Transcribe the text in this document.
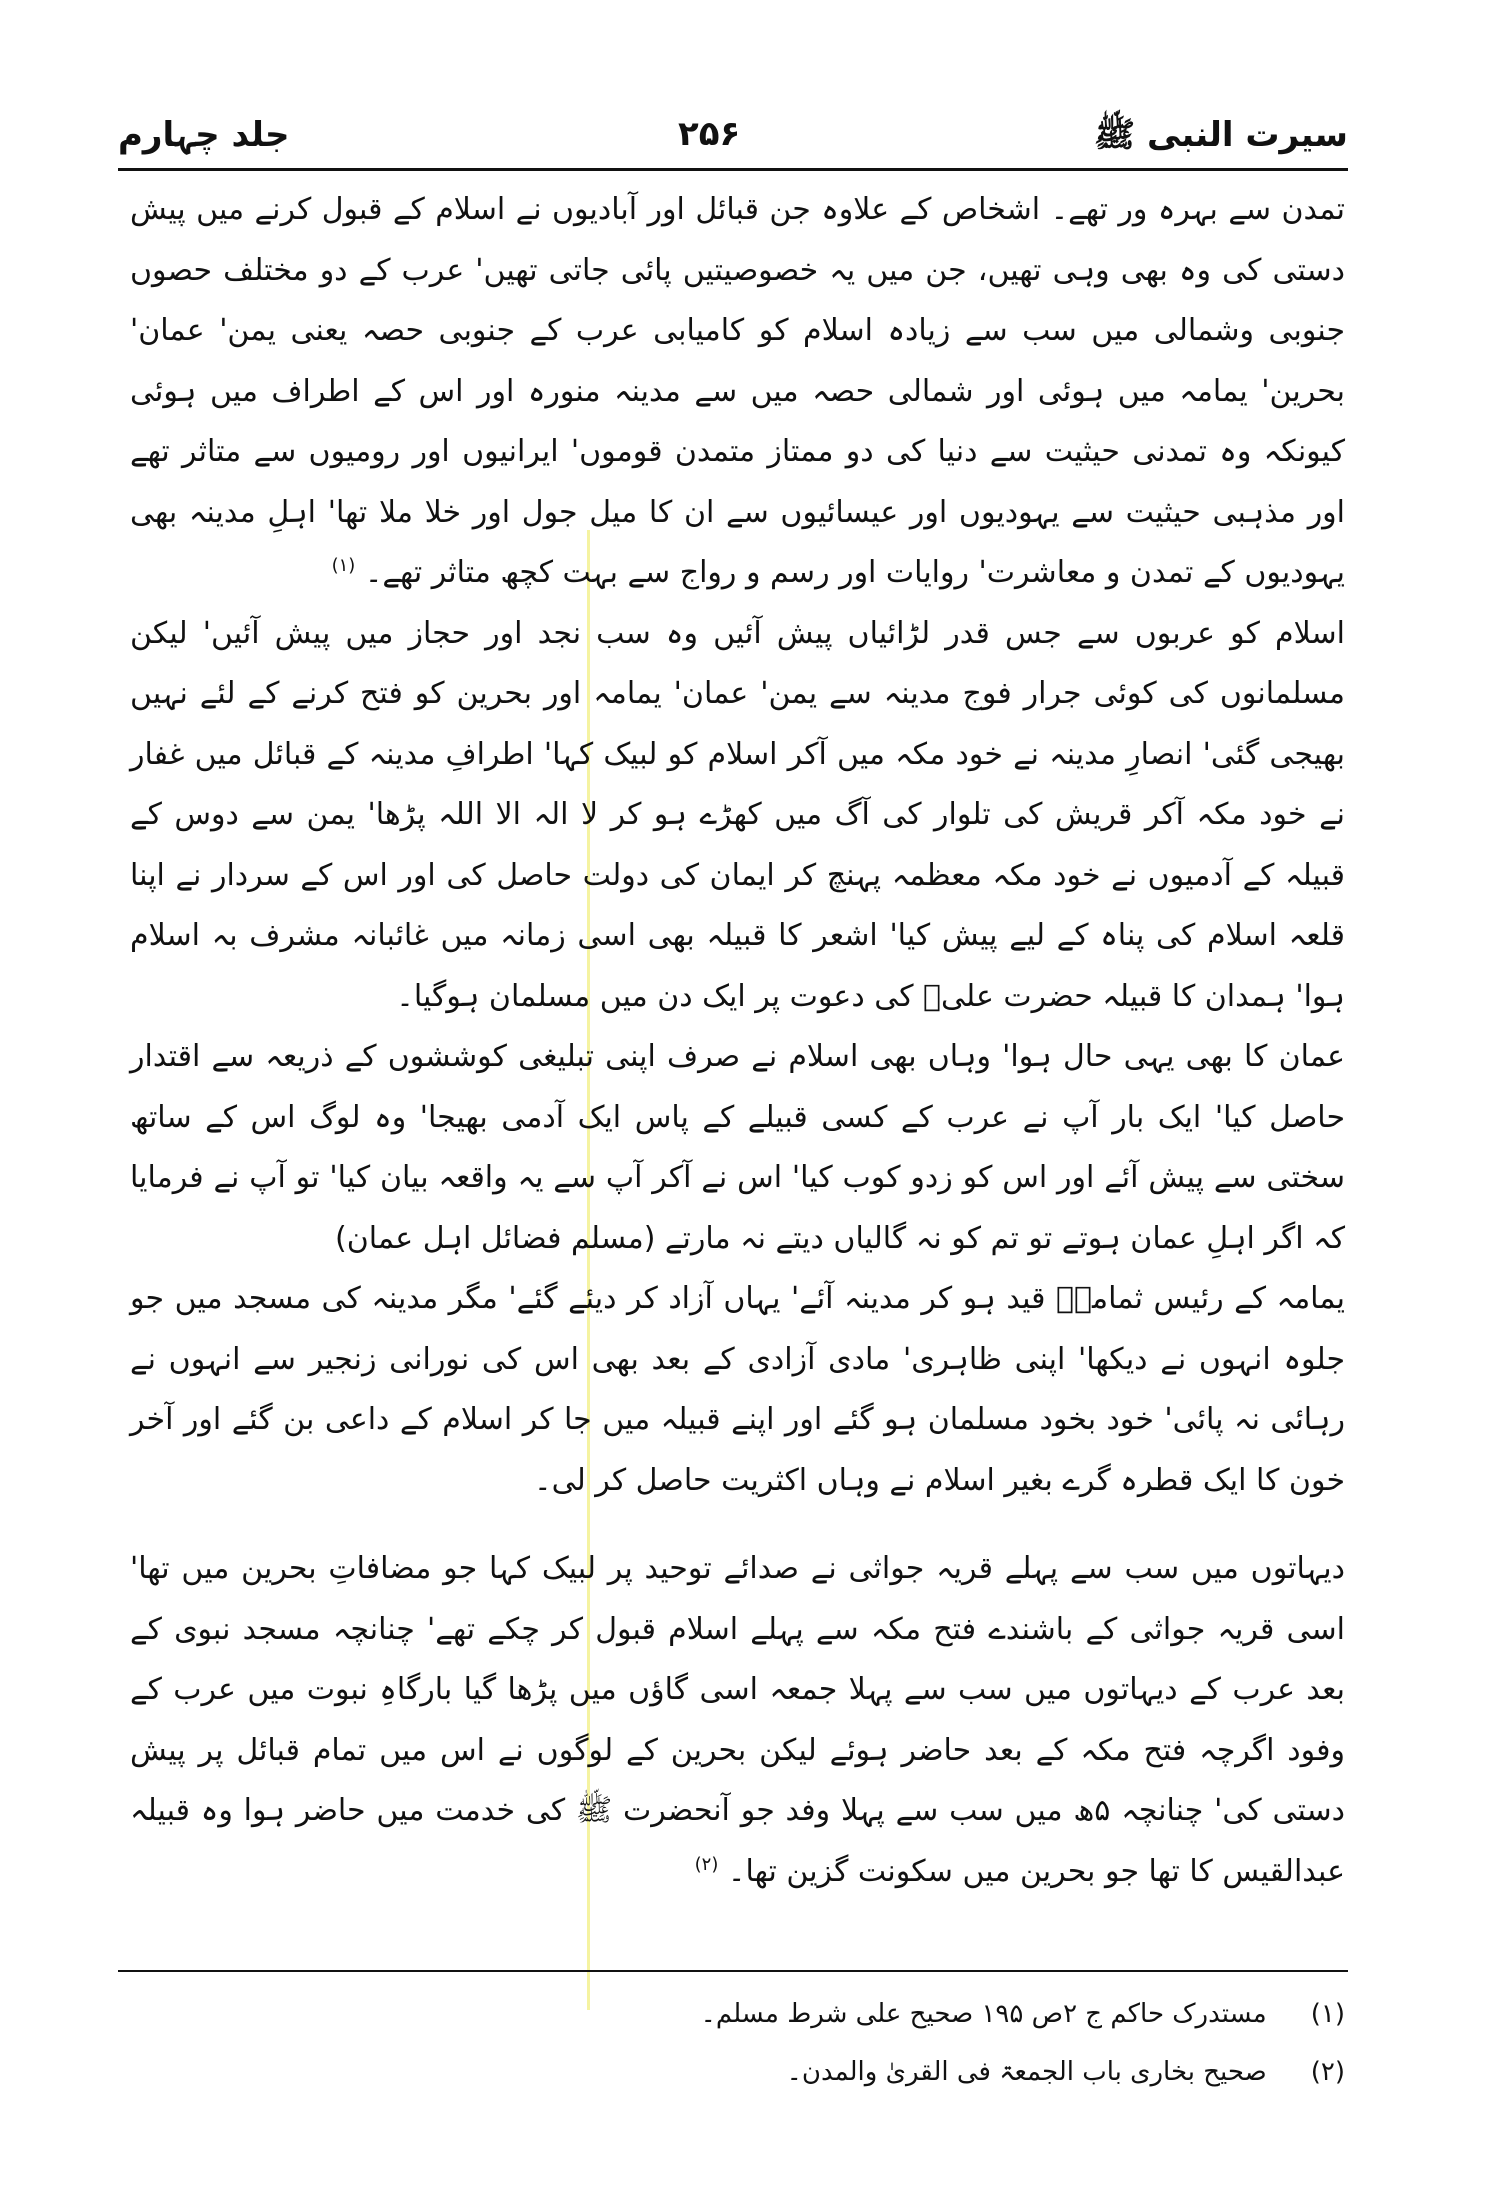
سیرت النبی ﷺ
۲۵۶
جلد چہارم

تمدن سے بہرہ ور تھے۔ اشخاص کے علاوہ جن قبائل اور آبادیوں نے اسلام کے قبول کرنے میں پیش دستی کی وہ بھی وہی تھیں، جن میں یہ خصوصیتیں پائی جاتی تھیں' عرب کے دو مختلف حصوں جنوبی وشمالی میں سب سے زیادہ اسلام کو کامیابی عرب کے جنوبی حصہ یعنی یمن' عمان' بحرین' یمامہ میں ہوئی اور شمالی حصہ میں سے مدینہ منورہ اور اس کے اطراف میں ہوئی کیونکہ وہ تمدنی حیثیت سے دنیا کی دو ممتاز متمدن قوموں' ایرانیوں اور رومیوں سے متاثر تھے اور مذہبی حیثیت سے یہودیوں اور عیسائیوں سے ان کا میل جول اور خلا ملا تھا' اہلِ مدینہ بھی یہودیوں کے تمدن و معاشرت' روایات اور رسم و رواج سے بہت کچھ متاثر تھے۔ $^{(۱)}$

اسلام کو عربوں سے جس قدر لڑائیاں پیش آئیں وہ سب نجد اور حجاز میں پیش آئیں' لیکن مسلمانوں کی کوئی جرار فوج مدینہ سے یمن' عمان' یمامہ اور بحرین کو فتح کرنے کے لئے نہیں بھیجی گئی' انصارِ مدینہ نے خود مکہ میں آکر اسلام کو لبیک کہا' اطرافِ مدینہ کے قبائل میں غفار نے خود مکہ آکر قریش کی تلوار کی آگ میں کھڑے ہو کر لا الہ الا اللہ پڑھا' یمن سے دوس کے قبیلہ کے آدمیوں نے خود مکہ معظمہ پہنچ کر ایمان کی دولت حاصل کی اور اس کے سردار نے اپنا قلعہ اسلام کی پناہ کے لیے پیش کیا' اشعر کا قبیلہ بھی اسی زمانہ میں غائبانہ مشرف بہ اسلام ہوا' ہمدان کا قبیلہ حضرت علیؓ کی دعوت پر ایک دن میں مسلمان ہوگیا۔

عمان کا بھی یہی حال ہوا' وہاں بھی اسلام نے صرف اپنی تبلیغی کوششوں کے ذریعہ سے اقتدار حاصل کیا' ایک بار آپ نے عرب کے کسی قبیلے کے پاس ایک آدمی بھیجا' وہ لوگ اس کے ساتھ سختی سے پیش آئے اور اس کو زدو کوب کیا' اس نے آکر آپ سے یہ واقعہ بیان کیا' تو آپ نے فرمایا کہ اگر اہلِ عمان ہوتے تو تم کو نہ گالیاں دیتے نہ مارتے (مسلم فضائل اہل عمان)

یمامہ کے رئیس ثمامہؓ قید ہو کر مدینہ آئے' یہاں آزاد کر دیئے گئے' مگر مدینہ کی مسجد میں جو جلوہ انہوں نے دیکھا' اپنی ظاہری' مادی آزادی کے بعد بھی اس کی نورانی زنجیر سے انہوں نے رہائی نہ پائی' خود بخود مسلمان ہو گئے اور اپنے قبیلہ میں جا کر اسلام کے داعی بن گئے اور آخر خون کا ایک قطرہ گرے بغیر اسلام نے وہاں اکثریت حاصل کر لی۔

دیہاتوں میں سب سے پہلے قریہ جواثی نے صدائے توحید پر لبیک کہا جو مضافاتِ بحرین میں تھا' اسی قریہ جواثی کے باشندے فتح مکہ سے پہلے اسلام قبول کر چکے تھے' چنانچہ مسجد نبوی کے بعد عرب کے دیہاتوں میں سب سے پہلا جمعہ اسی گاؤں میں پڑھا گیا بارگاہِ نبوت میں عرب کے وفود اگرچہ فتح مکہ کے بعد حاضر ہوئے لیکن بحرین کے لوگوں نے اس میں تمام قبائل پر پیش دستی کی' چنانچہ ۵ھ میں سب سے پہلا وفد جو آنحضرت ﷺ کی خدمت میں حاضر ہوا وہ قبیلہ عبدالقیس کا تھا جو بحرین میں سکونت گزین تھا۔ $^{(۲)}$

(۱) مستدرک حاکم ج ۲ص ۱۹۵ صحیح علی شرط مسلم۔
(۲) صحیح بخاری باب الجمعۃ فی القریٰ والمدن۔
